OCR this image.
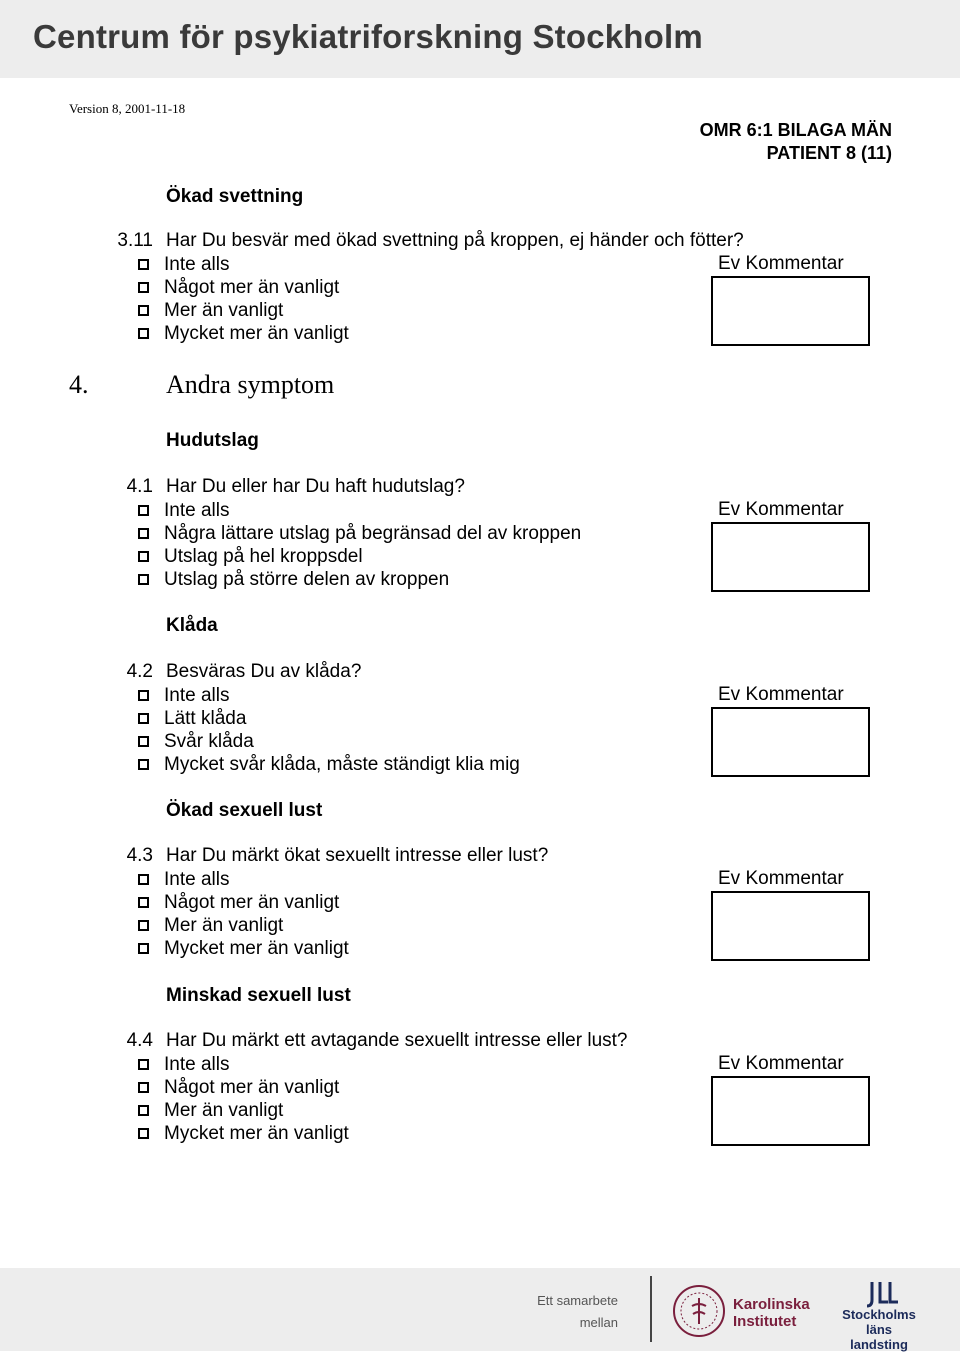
Centrum för psykiatriforskning Stockholm
Version 8, 2001-11-18
OMR 6:1 BILAGA MÄN
PATIENT 8 (11)
4.	Andra symptom
Ökad svettning
3.11 Har Du besvär med ökad svettning på kroppen, ej händer och fötter?
Inte alls
Något mer än vanligt
Mer än vanligt
Mycket mer än vanligt
Ev Kommentar
Hudutslag
4.1 Har Du eller har Du haft hudutslag?
Inte alls
Några lättare utslag på begränsad del av kroppen
Utslag på hel kroppsdel
Utslag på större delen av kroppen
Ev Kommentar
Klåda
4.2 Besväras Du av klåda?
Inte alls
Lätt klåda
Svår klåda
Mycket svår klåda, måste ständigt klia mig
Ev Kommentar
Ökad sexuell lust
4.3 Har Du märkt ökat sexuellt intresse eller lust?
Inte alls
Något mer än vanligt
Mer än vanligt
Mycket mer än vanligt
Ev Kommentar
Minskad sexuell lust
4.4 Har Du märkt ett avtagande sexuellt intresse eller lust?
Inte alls
Något mer än vanligt
Mer än vanligt
Mycket mer än vanligt
Ev Kommentar
Ett samarbete
mellan
Karolinska
Institutet	Stockholms läns
landsting
